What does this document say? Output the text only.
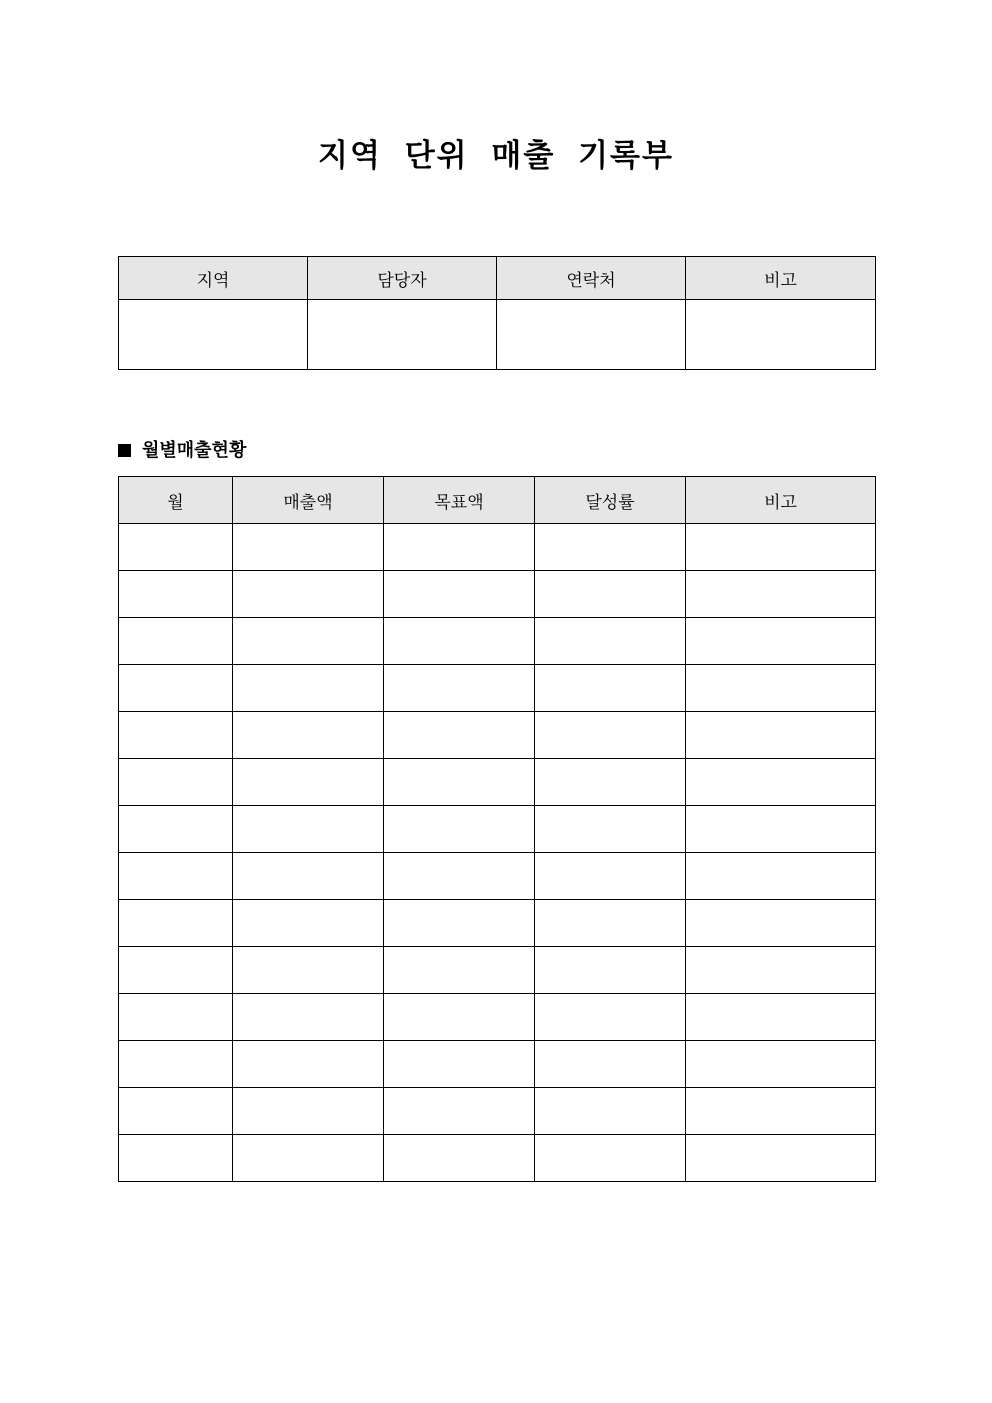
지역 단위 매출 기록부
지역	담당자	연락처	비고

월별매출현황
월	매출액	목표액	달성률	비고
